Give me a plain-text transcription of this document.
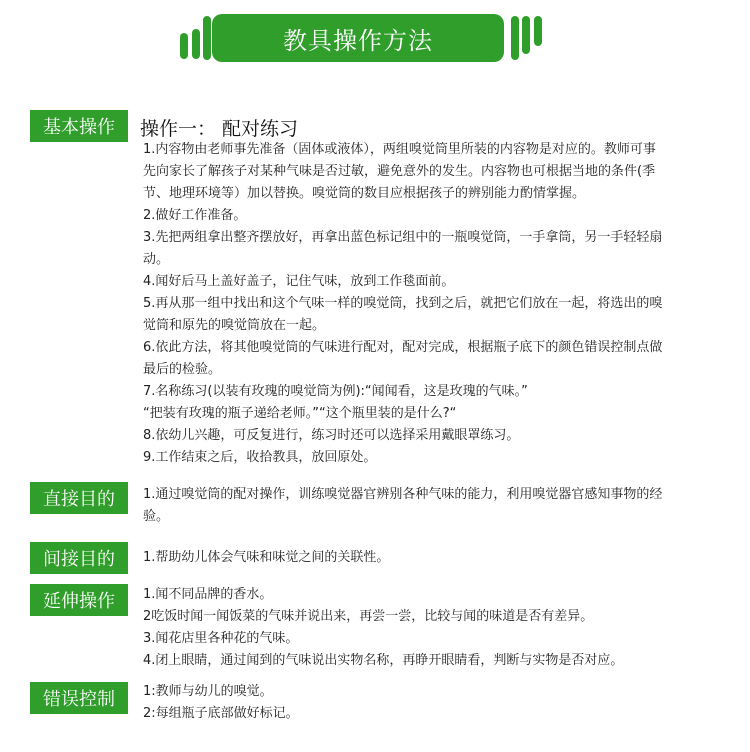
教具操作方法
基本操作	操作一： 配对练习

1.内容物由老师事先准备（固体或液体），两组嗅觉筒里所装的内容物是对应的。教师可事

先向家长了解孩子对某种气味是否过敏，避免意外的发生。内容物也可根据当地的条件(季

节、地理环境等）加以替换。嗅觉筒的数目应根据孩子的辨别能力酌情掌握。

2.做好工作准备。

3.先把两组拿出整齐摆放好，再拿出蓝色标记组中的一瓶嗅觉筒，一手拿筒，另一手轻轻扇

动。

4.闻好后马上盖好盖子，记住气味，放到工作毯面前。

5.再从那一组中找出和这个气味一样的嗅觉筒，找到之后，就把它们放在一起，将选出的嗅

觉筒和原先的嗅觉筒放在一起。

6.依此方法，将其他嗅觉筒的气味进行配对，配对完成，根据瓶子底下的颜色错误控制点做

最后的检验。

7.名称练习(以装有玫瑰的嗅觉筒为例):“闻闻看，这是玫瑰的气味。”

“把装有玫瑰的瓶子递给老师。”“这个瓶里装的是什么?“

8.依幼儿兴趣，可反复进行，练习时还可以选择采用戴眼罩练习。

9.工作结束之后，收拾教具，放回原处。

直接目的	1.通过嗅觉筒的配对操作，训练嗅觉器官辨别各种气味的能力，利用嗅觉器官感知事物的经

验。

间接目的	1.帮助幼儿体会气味和味觉之间的关联性。

延伸操作	1.闻不同品牌的香水。

2吃饭时闻一闻饭菜的气味并说出来，再尝一尝，比较与闻的味道是否有差异。

3.闻花店里各种花的气味。

4.闭上眼睛，通过闻到的气味说出实物名称，再睁开眼睛看，判断与实物是否对应。

错误控制	1:教师与幼儿的嗅觉。

2:每组瓶子底部做好标记。
